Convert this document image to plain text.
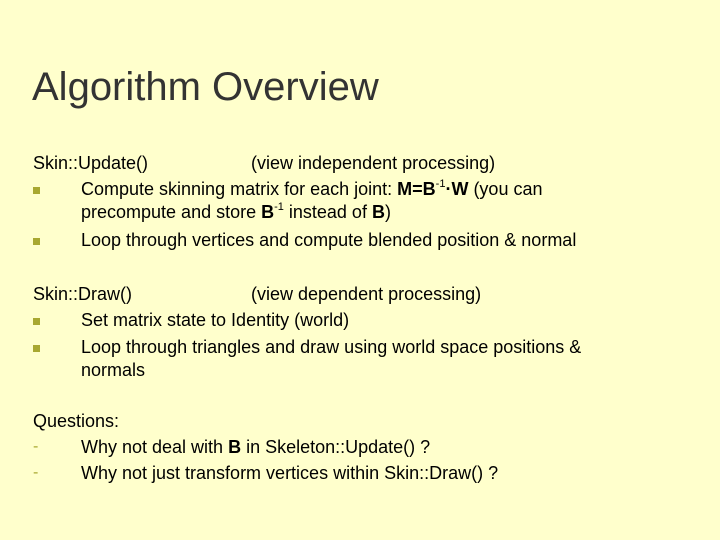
Algorithm Overview
Skin::Update()	(view independent processing)
Compute skinning matrix for each joint: $M=B^{-1}\cdot W$ (you can
precompute and store $B^{-1}$ instead of B)
Loop through vertices and compute blended position & normal
Skin::Draw()	(view dependent processing)
Set matrix state to Identity (world)
Loop through triangles and draw using world space positions &
normals
Questions:
- Why not deal with B in Skeleton::Update() ?
- Why not just transform vertices within Skin::Draw() ?
